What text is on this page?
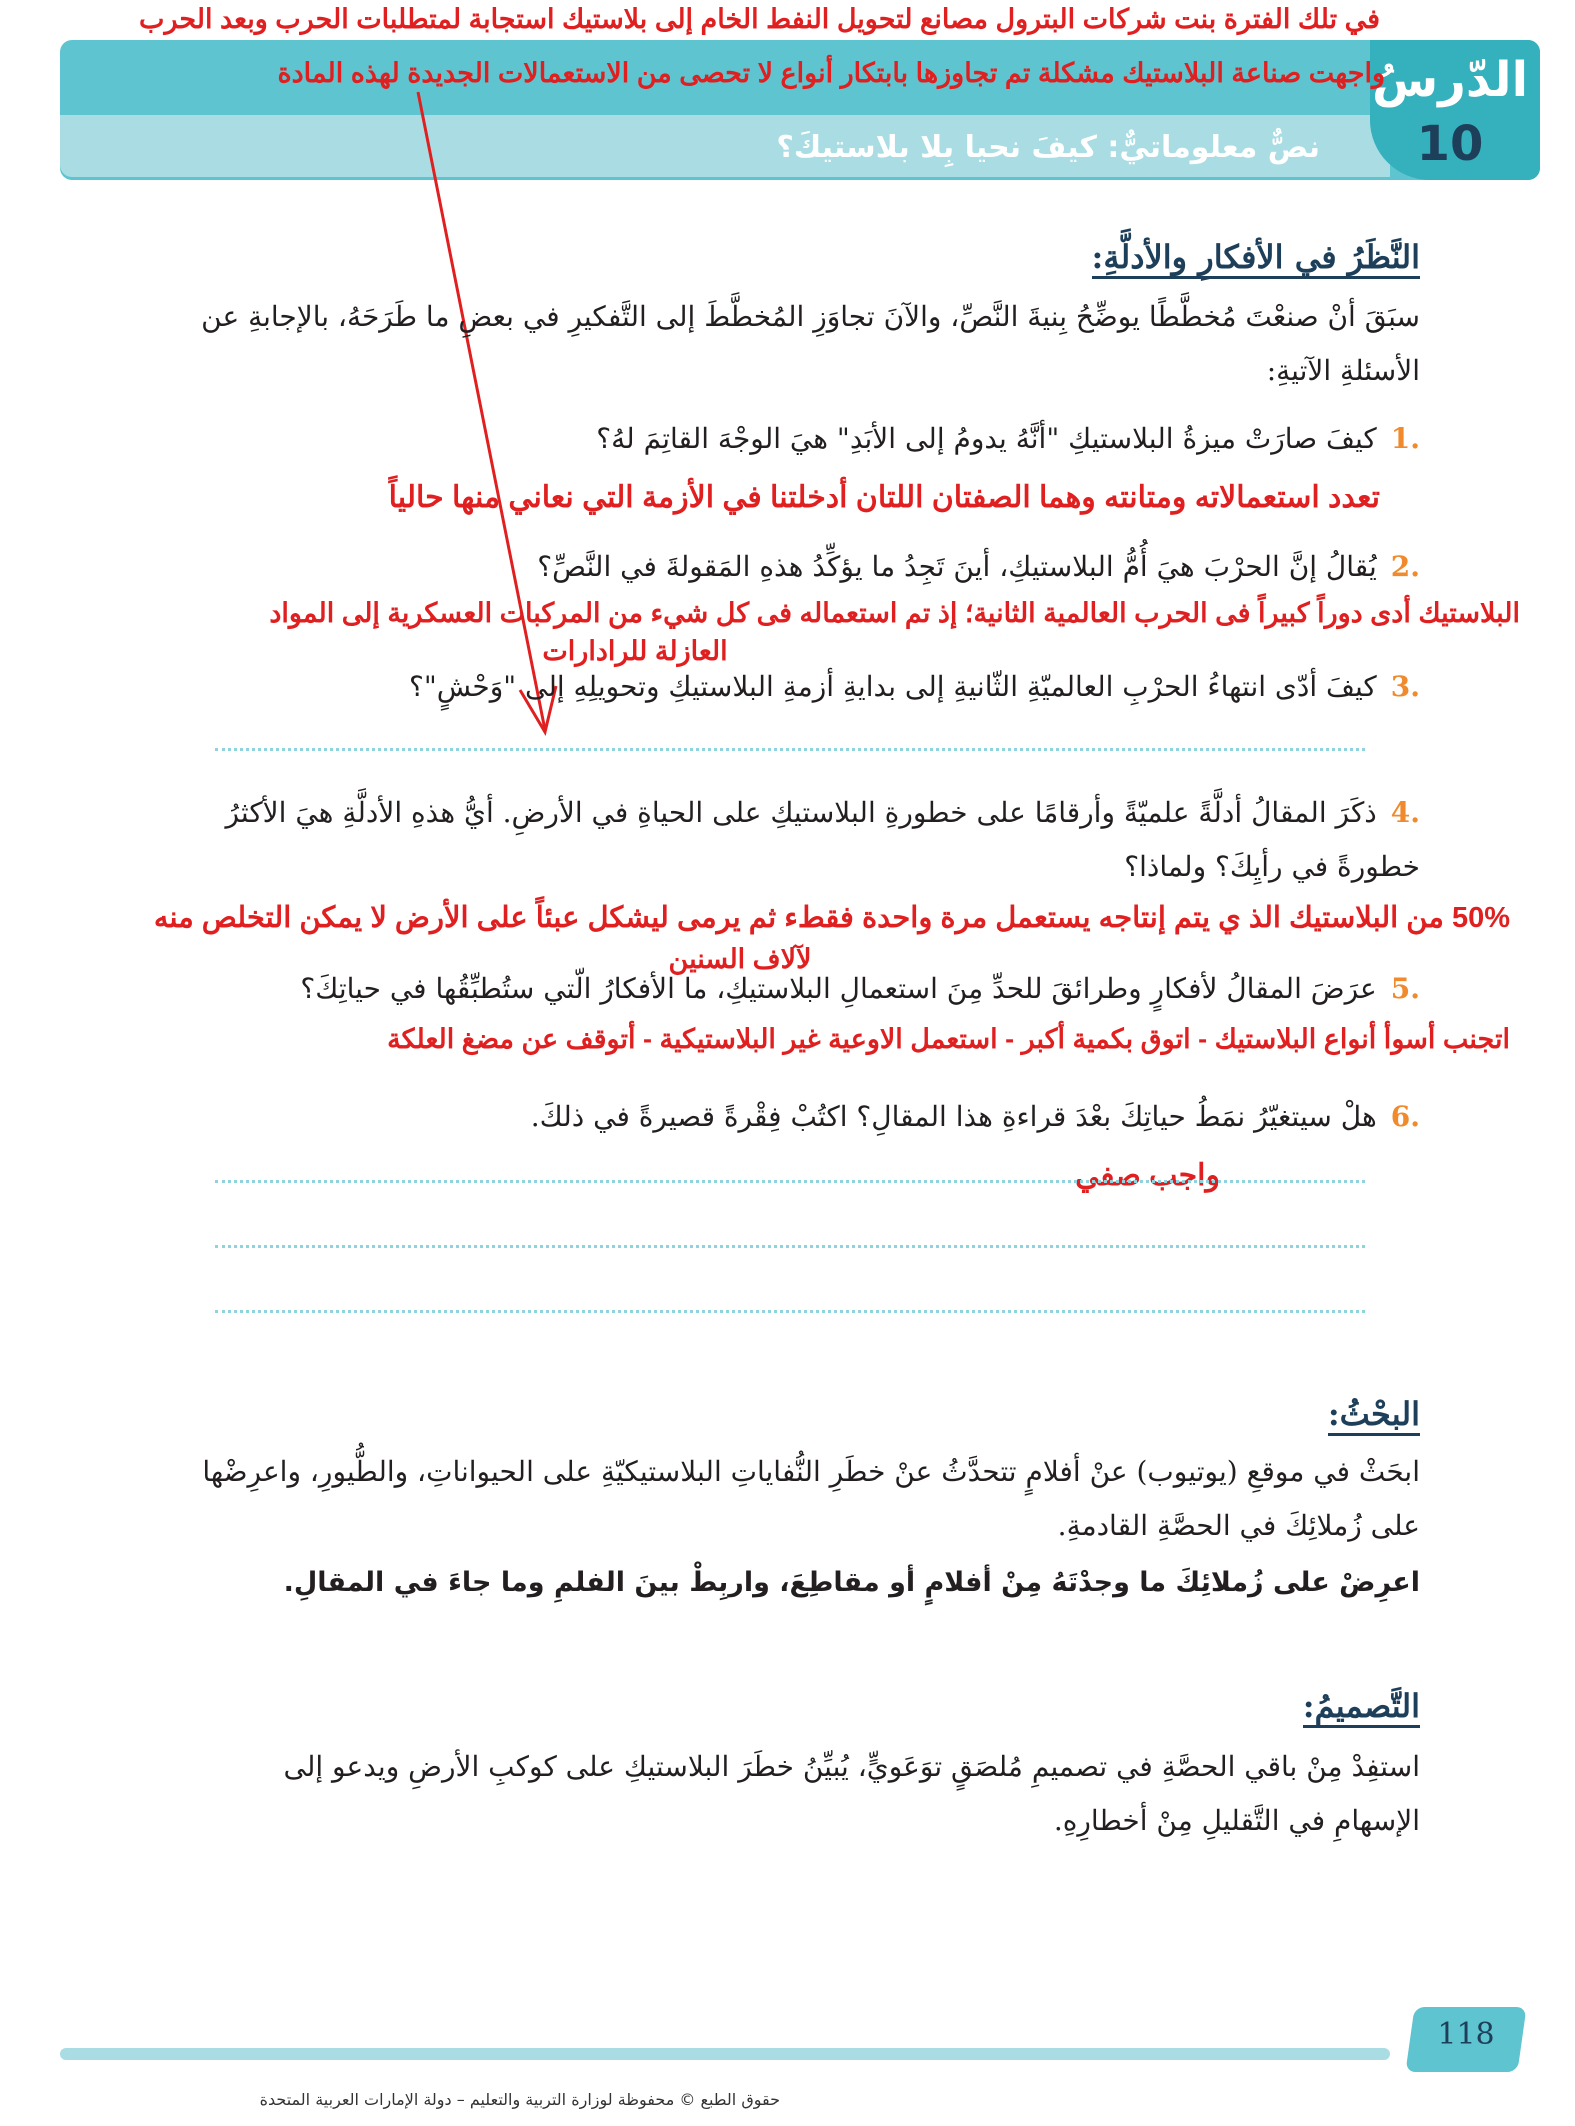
الدّرسُ
10
نصٌّ معلوماتيٌّ: كيفَ نحيا بِلا بلاستيكَ؟
في تلك الفترة بنت شركات البترول مصانع لتحويل النفط الخام إلى بلاستيك استجابة لمتطلبات الحرب وبعد الحرب
واجهت صناعة البلاستيك مشكلة تم تجاوزها بابتكار أنواع لا تحصى من الاستعمالات الجديدة لهذه المادة
النَّظَرُ في الأفكارِ والأدلَّةِ:
سبَقَ أنْ صنعْتَ مُخطَّطًا يوضِّحُ بِنيةَ النَّصِّ، والآنَ تجاوَزِ المُخطَّطَ إلى التَّفكيرِ في بعضِ ما طَرَحَهُ، بالإجابةِ عن الأسئلةِ الآتيةِ:
.1كيفَ صارَتْ ميزةُ البلاستيكِ "أنَّهُ يدومُ إلى الأبَدِ" هيَ الوجْهَ القاتِمَ لهُ؟
تعدد استعمالاته ومتانته وهما الصفتان اللتان أدخلتنا في الأزمة التي نعاني منها حالياً
.2يُقالُ إنَّ الحرْبَ هيَ أُمُّ البلاستيكِ، أينَ تَجِدُ ما يؤكِّدُ هذهِ المَقولةَ في النَّصِّ؟
البلاستيك أدى دوراً كبيراً فى الحرب العالمية الثانية؛ إذ تم استعماله فى كل شيء من المركبات العسكرية إلى المواد
العازلة للرادارات
.3كيفَ أدّى انتهاءُ الحرْبِ العالميّةِ الثّانيةِ إلى بدايةِ أزمةِ البلاستيكِ وتحويلِهِ إلى "وَحْشٍ"؟
.4ذكَرَ المقالُ أدلَّةً علميّةً وأرقامًا على خطورةِ البلاستيكِ على الحياةِ في الأرضِ. أيُّ هذهِ الأدلَّةِ هيَ الأكثرُ خطورةً في رأيِكَ؟ ولماذا؟
50% من البلاستيك الذ ي يتم إنتاجه يستعمل مرة واحدة فقطء ثم يرمى ليشكل عبئاً على الأرض لا يمكن التخلص منه
لآلاف السنين
.5عرَضَ المقالُ لأفكارٍ وطرائقَ للحدِّ مِنَ استعمالِ البلاستيكِ، ما الأفكارُ الّتي ستُطبِّقُها في حياتِكَ؟
اتجنب أسوأ أنواع البلاستيك - اتوق بكمية أكبر - استعمل الاوعية غير البلاستيكية - أتوقف عن مضغ العلكة
.6هلْ سيتغيّرُ نمَطُ حياتِكَ بعْدَ قراءةِ هذا المقالِ؟ اكتُبْ فِقْرةً قصيرةً في ذلكَ.
واجب صفي
البحْثُ:
ابحَثْ في موقعِ (يوتيوب) عنْ أفلامٍ تتحدَّثُ عنْ خطَرِ النُّفاياتِ البلاستيكيّةِ على الحيواناتِ، والطُّيورِ، واعرِضْها على زُملائِكَ في الحصَّةِ القادمةِ.
اعرِضْ على زُملائِكَ ما وجدْتَهُ مِنْ أفلامٍ أو مقاطِعَ، واربِطْ بينَ الفلمِ وما جاءَ في المقالِ.
التَّصميمُ:
استفِدْ مِنْ باقي الحصَّةِ في تصميمِ مُلصَقٍ توَعَويٍّ، يُبيِّنُ خطَرَ البلاستيكِ على كوكبِ الأرضِ ويدعو إلى الإسهامِ في التَّقليلِ مِنْ أخطارِهِ.
118
حقوق الطبع © محفوظة لوزارة التربية والتعليم – دولة الإمارات العربية المتحدة
